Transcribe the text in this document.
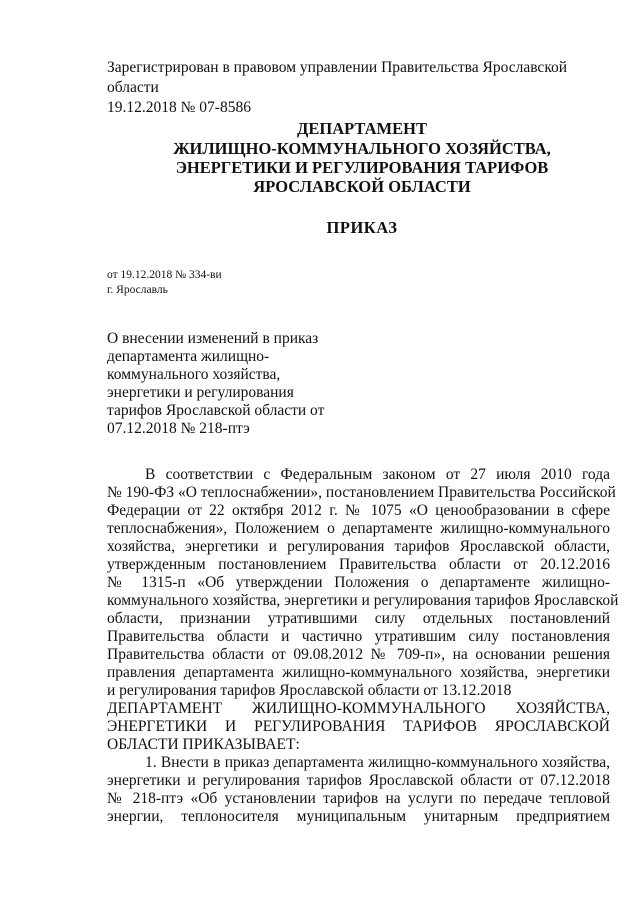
Зарегистрирован в правовом управлении Правительства Ярославской области
19.12.2018 № 07-8586
ДЕПАРТАМЕНТ
ЖИЛИЩНО-КОММУНАЛЬНОГО ХОЗЯЙСТВА,
ЭНЕРГЕТИКИ И РЕГУЛИРОВАНИЯ ТАРИФОВ
ЯРОСЛАВСКОЙ ОБЛАСТИ
ПРИКАЗ
от 19.12.2018 № 334-ви
г. Ярославль
О внесении изменений в приказ
департамента жилищно-
коммунального хозяйства,
энергетики и регулирования
тарифов Ярославской области от
07.12.2018 № 218-птэ
В соответствии с Федеральным законом от 27 июля 2010 года
№ 190-ФЗ «О теплоснабжении», постановлением Правительства Российской
Федерации от 22 октября 2012 г. № 1075 «О ценообразовании в сфере
теплоснабжения», Положением о департаменте жилищно-коммунального
хозяйства, энергетики и регулирования тарифов Ярославской области,
утвержденным постановлением Правительства области от 20.12.2016
№ 1315-п «Об утверждении Положения о департаменте жилищно-
коммунального хозяйства, энергетики и регулирования тарифов Ярославской
области, признании утратившими силу отдельных постановлений
Правительства области и частично утратившим силу постановления
Правительства области от 09.08.2012 № 709-п», на основании решения
правления департамента жилищно-коммунального хозяйства, энергетики
и регулирования тарифов Ярославской области от 13.12.2018
ДЕПАРТАМЕНТ ЖИЛИЩНО-КОММУНАЛЬНОГО ХОЗЯЙСТВА,
ЭНЕРГЕТИКИ И РЕГУЛИРОВАНИЯ ТАРИФОВ ЯРОСЛАВСКОЙ
ОБЛАСТИ ПРИКАЗЫВАЕТ:
1. Внести в приказ департамента жилищно-коммунального хозяйства,
энергетики и регулирования тарифов Ярославской области от 07.12.2018
№ 218-птэ «Об установлении тарифов на услуги по передаче тепловой
энергии, теплоносителя муниципальным унитарным предприятием
